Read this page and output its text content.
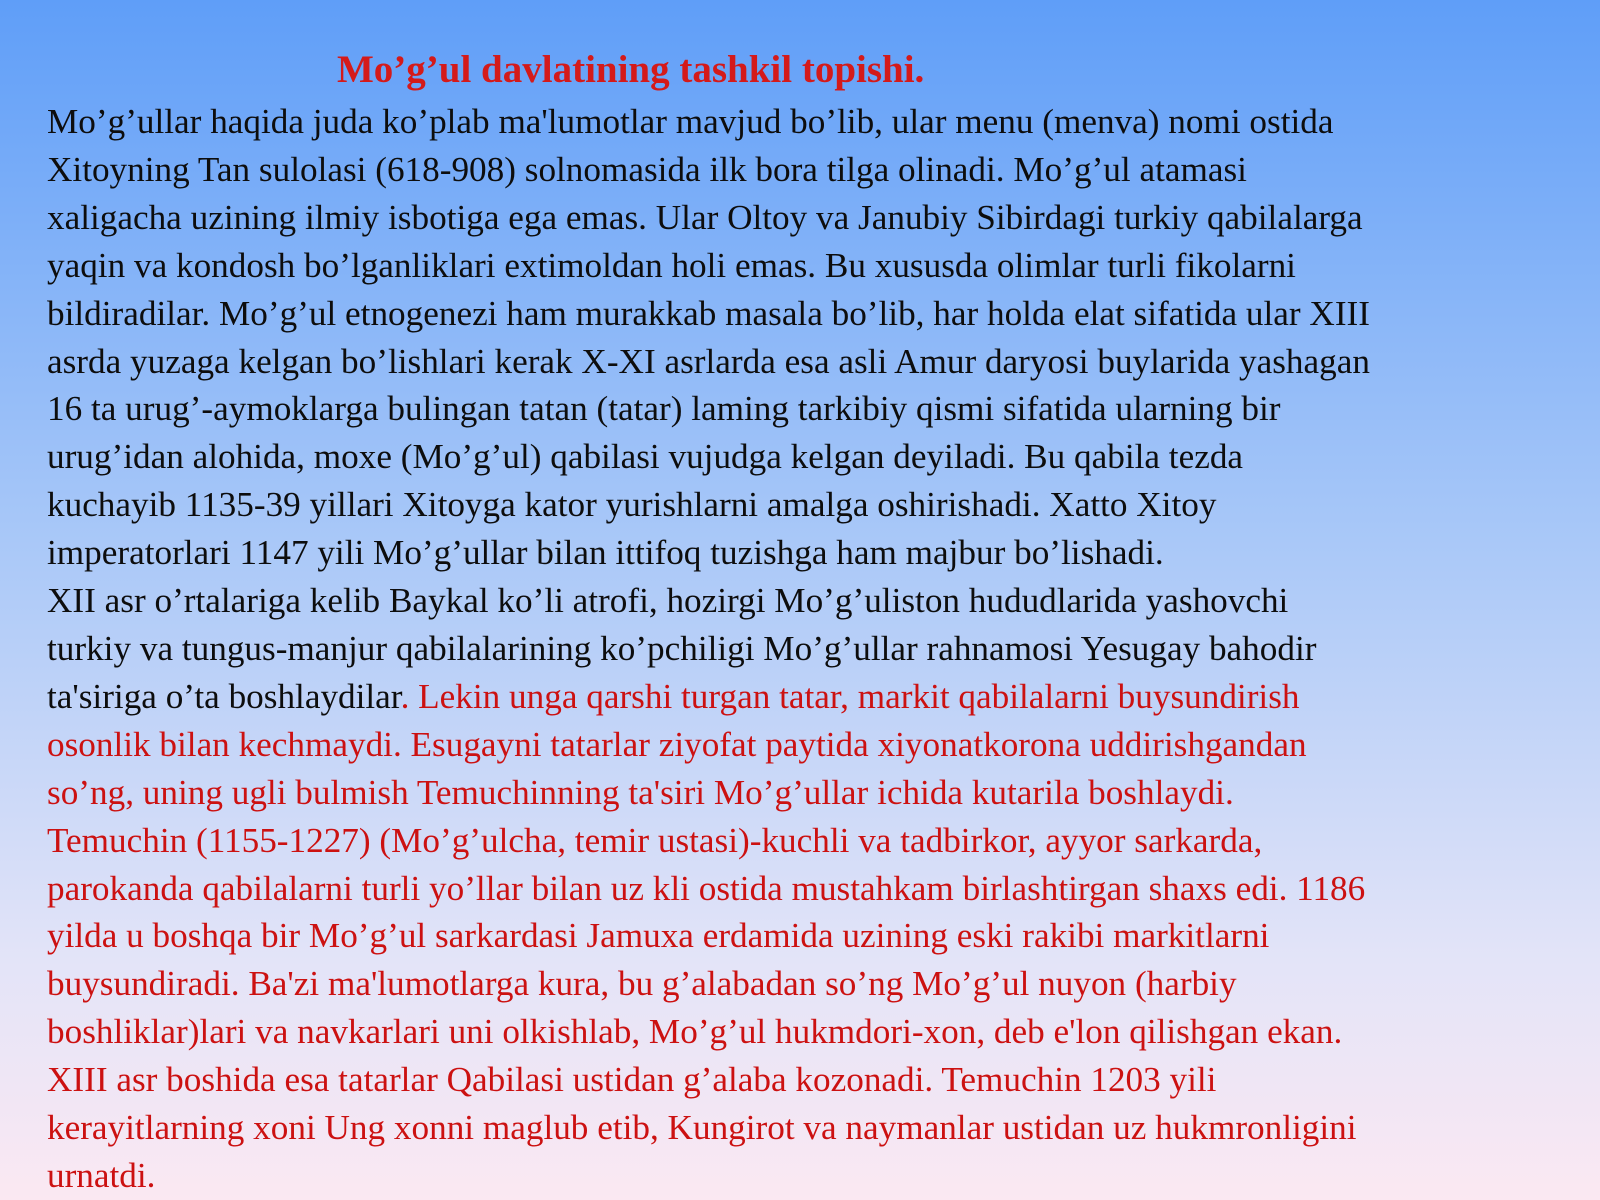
Mo’g’ul davlatining tashkil topishi.
Mo’g’ullar haqida juda ko’plab ma'lumotlar mavjud bo’lib, ular menu (menva) nomi ostida
Xitoyning Tan sulolasi (618-908) solnomasida ilk bora tilga olinadi. Mo’g’ul atamasi
xaligacha uzining ilmiy isbotiga ega emas. Ular Oltoy va Janubiy Sibirdagi turkiy qabilalarga
yaqin va kondosh bo’lganliklari extimoldan holi emas. Bu xususda olimlar turli fikolarni
bildiradilar. Mo’g’ul etnogenezi ham murakkab masala bo’lib, har holda elat sifatida ular XIII
asrda yuzaga kelgan bo’lishlari kerak X-XI asrlarda esa asli Amur daryosi buylarida yashagan
16 ta urug’-aymoklarga bulingan tatan (tatar) laming tarkibiy qismi sifatida ularning bir
urug’idan alohida, moxe (Mo’g’ul) qabilasi vujudga kelgan deyiladi. Bu qabila tezda
kuchayib 1135-39 yillari Xitoyga kator yurishlarni amalga oshirishadi. Xatto Xitoy
imperatorlari 1147 yili Mo’g’ullar bilan ittifoq tuzishga ham majbur bo’lishadi.
XII asr o’rtalariga kelib Baykal ko’li atrofi, hozirgi Mo’g’uliston hududlarida yashovchi
turkiy va tungus-manjur qabilalarining ko’pchiligi Mo’g’ullar rahnamosi Yesugay bahodir
ta'siriga o’ta boshlaydilar. Lekin unga qarshi turgan tatar, markit qabilalarni buysundirish
osonlik bilan kechmaydi. Esugayni tatarlar ziyofat paytida xiyonatkorona uddirishgandan
so’ng, uning ugli bulmish Temuchinning ta'siri Mo’g’ullar ichida kutarila boshlaydi.
Temuchin (1155-1227) (Mo’g’ulcha, temir ustasi)-kuchli va tadbirkor, ayyor sarkarda,
parokanda qabilalarni turli yo’llar bilan uz kli ostida mustahkam birlashtirgan shaxs edi. 1186
yilda u boshqa bir Mo’g’ul sarkardasi Jamuxa erdamida uzining eski rakibi markitlarni
buysundiradi. Ba'zi ma'lumotlarga kura, bu g’alabadan so’ng Mo’g’ul nuyon (harbiy
boshliklar)lari va navkarlari uni olkishlab, Mo’g’ul hukmdori-xon, deb e'lon qilishgan ekan.
XIII asr boshida esa tatarlar Qabilasi ustidan g’alaba kozonadi. Temuchin 1203 yili
kerayitlarning xoni Ung xonni maglub etib, Kungirot va naymanlar ustidan uz hukmronligini
urnatdi.
